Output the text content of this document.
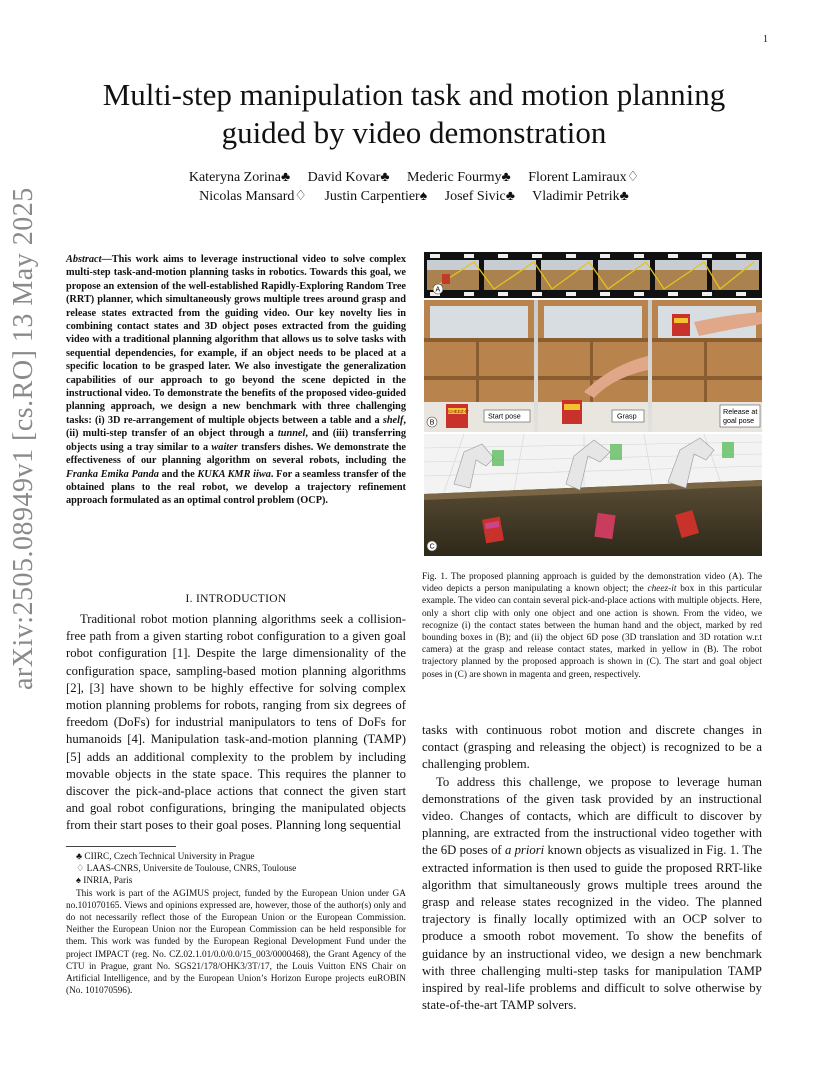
1
arXiv:2505.08949v1 [cs.RO] 13 May 2025
Multi-step manipulation task and motion planning
guided by video demonstration
Kateryna Zorina♣     David Kovar♣     Mederic Fourmy♣     Florent Lamiraux♢
Nicolas Mansard♢     Justin Carpentier♠     Josef Sivic♣     Vladimir Petrik♣
Abstract—This work aims to leverage instructional video to solve complex multi-step task-and-motion planning tasks in robotics. Towards this goal, we propose an extension of the well-established Rapidly-Exploring Random Tree (RRT) planner, which simultaneously grows multiple trees around grasp and release states extracted from the guiding video. Our key novelty lies in combining contact states and 3D object poses extracted from the guiding video with a traditional planning algorithm that allows us to solve tasks with sequential dependencies, for example, if an object needs to be placed at a specific location to be grasped later. We also investigate the generalization capabilities of our approach to go beyond the scene depicted in the instructional video. To demonstrate the benefits of the proposed video-guided planning approach, we design a new benchmark with three challenging tasks: (i) 3D re-arrangement of multiple objects between a table and a shelf, (ii) multi-step transfer of an object through a tunnel, and (iii) transferring objects using a tray similar to a waiter transfers dishes. We demonstrate the effectiveness of our planning algorithm on several robots, including the Franka Emika Panda and the KUKA KMR iiwa. For a seamless transfer of the obtained plans to the real robot, we develop a trajectory refinement approach formulated as an optimal control problem (OCP).
I. INTRODUCTION
Traditional robot motion planning algorithms seek a collision-free path from a given starting robot configuration to a given goal robot configuration [1]. Despite the large dimensionality of the configuration space, sampling-based motion planning algorithms [2], [3] have shown to be highly effective for solving complex motion planning problems for robots, ranging from six degrees of freedom (DoFs) for industrial manipulators to tens of DoFs for humanoids [4]. Manipulation task-and-motion planning (TAMP) [5] adds an additional complexity to the problem by including movable objects in the state space. This requires the planner to discover the pick-and-place actions that connect the given start and goal robot configurations, bringing the manipulated objects from their start poses to their goal poses. Planning long sequential
♣ CIIRC, Czech Technical University in Prague
♢ LAAS-CNRS, Universite de Toulouse, CNRS, Toulouse
♠ INRIA, Paris
This work is part of the AGIMUS project, funded by the European Union under GA no.101070165. Views and opinions expressed are, however, those of the author(s) only and do not necessarily reflect those of the European Union or the European Commission. Neither the European Union nor the European Commission can be held responsible for them. This work was funded by the European Regional Development Fund under the project IMPACT (reg. No. CZ.02.1.01/0.0/0.0/15_003/0000468), the Grant Agency of the CTU in Prague, grant No. SGS21/178/OHK3/3T/17, the Louis Vuitton ENS Chair on Artificial Intelligence, and by the European Union’s Horizon Europe projects euROBIN (No. 101070596).
A
CHEEZ-IT	Start pose	Grasp	Release at
goal pose
B
C
Fig. 1. The proposed planning approach is guided by the demonstration video (A). The video depicts a person manipulating a known object; the cheez-it box in this particular example. The video can contain several pick-and-place actions with multiple objects. Here, only a short clip with only one object and one action is shown. From the video, we recognize (i) the contact states between the human hand and the object, marked by red bounding boxes in (B); and (ii) the object 6D pose (3D translation and 3D rotation w.r.t camera) at the grasp and release contact states, marked in yellow in (B). The robot trajectory planned by the proposed approach is shown in (C). The start and goal object poses in (C) are shown in magenta and green, respectively.
tasks with continuous robot motion and discrete changes in contact (grasping and releasing the object) is recognized to be a challenging problem.
To address this challenge, we propose to leverage human demonstrations of the given task provided by an instructional video. Changes of contacts, which are difficult to discover by planning, are extracted from the instructional video together with the 6D poses of a priori known objects as visualized in Fig. 1. The extracted information is then used to guide the proposed RRT-like algorithm that simultaneously grows multiple trees around the grasp and release states recognized in the video. The planned trajectory is finally locally optimized with an OCP solver to produce a smooth robot movement. To show the benefits of guidance by an instructional video, we design a new benchmark with three challenging multi-step tasks for manipulation TAMP inspired by real-life problems and difficult to solve otherwise by state-of-the-art TAMP solvers.
